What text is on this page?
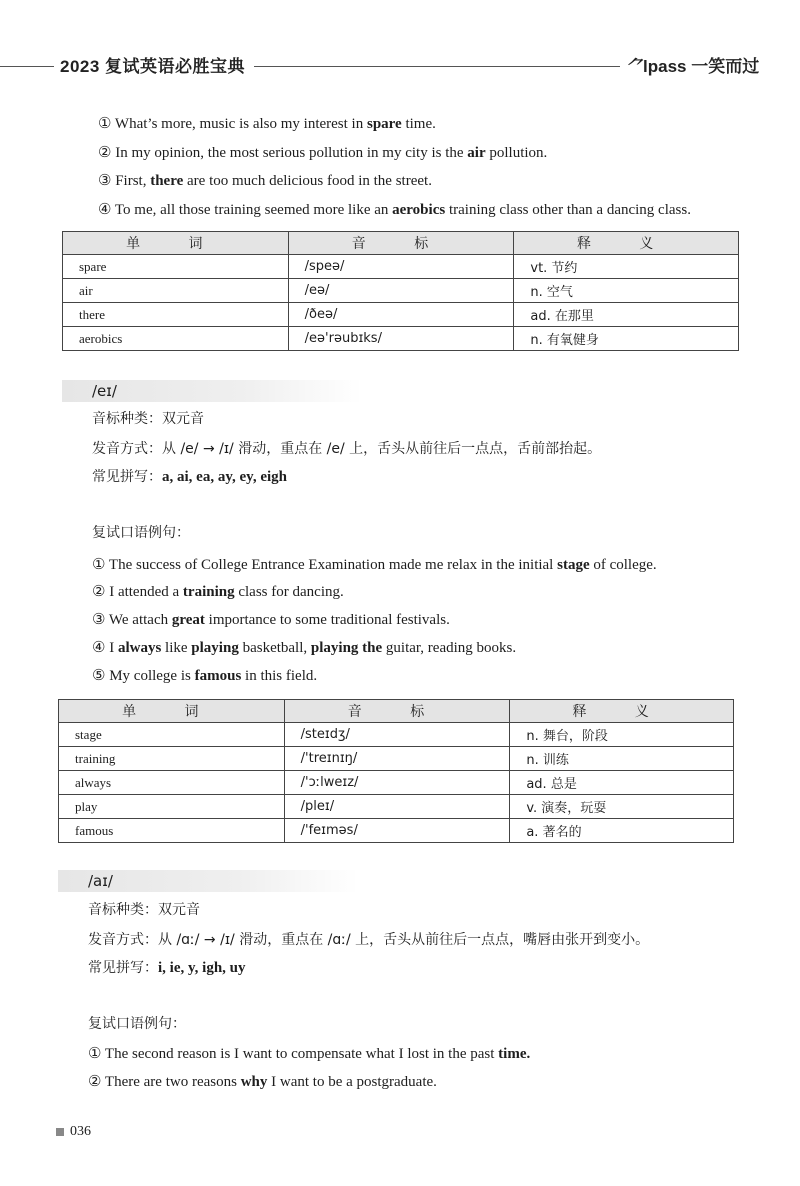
2023 复试英语必胜宝典	⺈ lpass 一笑而过
① What’s more, music is also my interest in spare time.
② In my opinion, the most serious pollution in my city is the air pollution.
③ First, there are too much delicious food in the street.
④ To me, all those training seemed more like an aerobics training class other than a dancing class.
单 词	音 标	释 义
spare	/speə/	vt. 节约
air	/eə/	n. 空气
there	/ðeə/	ad. 在那里
aerobics	/eə'rəubɪks/	n. 有氧健身
/eɪ/
音标种类：双元音
发音方式：从 /e/ → /ɪ/ 滑动，重点在 /e/ 上，舌头从前往后一点点，舌前部抬起。
常见拼写：a, ai, ea, ay, ey, eigh
复试口语例句：
① The success of College Entrance Examination made me relax in the initial stage of college.
② I attended a training class for dancing.
③ We attach great importance to some traditional festivals.
④ I always like playing basketball, playing the guitar, reading books.
⑤ My college is famous in this field.
单 词	音 标	释 义
stage	/steɪdʒ/	n. 舞台，阶段
training	/'treɪnɪŋ/	n. 训练
always	/'ɔːlweɪz/	ad. 总是
play	/pleɪ/	v. 演奏，玩耍
famous	/'feɪməs/	a. 著名的
/aɪ/
音标种类：双元音
发音方式：从 /ɑː/ → /ɪ/ 滑动，重点在 /ɑː/ 上，舌头从前往后一点点，嘴唇由张开到变小。
常见拼写：i, ie, y, igh, uy
复试口语例句：
① The second reason is I want to compensate what I lost in the past time.
② There are two reasons why I want to be a postgraduate.
036
